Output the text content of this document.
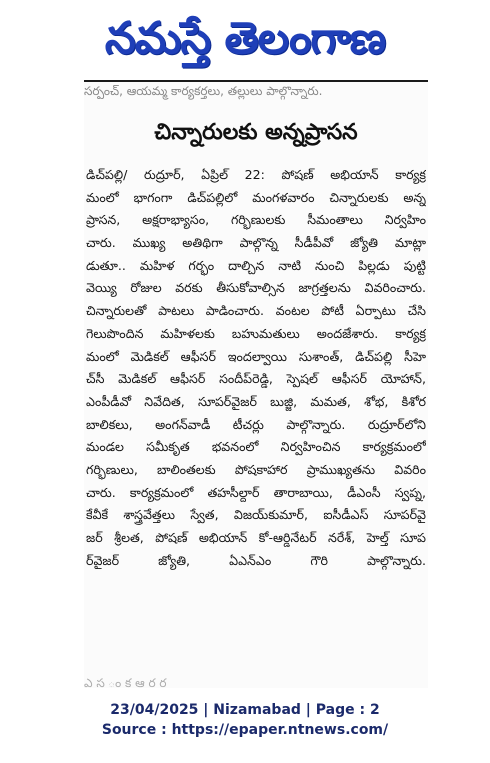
నమస్తే తెలంగాణ
సర్పంచ్, ఆయమ్మ కార్యకర్తలు, తల్లులు పాల్గొన్నారు.
చిన్నారులకు అన్నప్రాసన
డిచ్‌పల్లి/ రుద్రూర్, ఏప్రిల్ 22: పోషణ్ అభియాన్ కార్యక్ర
మంలో భాగంగా డిచ్‌పల్లిలో మంగళవారం చిన్నారులకు అన్న
ప్రాసన, అక్షరాభ్యాసం, గర్భిణులకు సీమంతాలు నిర్వహిం
చారు. ముఖ్య అతిథిగా పాల్గొన్న సీడీపీవో జ్యోతి మాట్లా
డుతూ.. మహిళ గర్భం దాల్చిన నాటి నుంచి పిల్లడు పుట్టి
వెయ్యి రోజుల వరకు తీసుకోవాల్సిన జాగ్రత్తలను వివరించారు.
చిన్నారులతో పాటలు పాడించారు. వంటల పోటీ ఏర్పాటు చేసి
గెలుపొందిన మహిళలకు బహుమతులు అందజేశారు. కార్యక్ర
మంలో మెడికల్ ఆఫీసర్ ఇందల్వాయి సుశాంత్, డిచ్‌పల్లి సీహె
చ్‌సీ మెడికల్ ఆఫీసర్ సందీప్‌రెడ్డి, స్పెషల్ ఆఫీసర్ యోహాన్,
ఎంపీడీవో నివేదిత, సూపర్‌వైజర్ బుజ్జి, మమత, శోభ, కిశోర
బాలికలు, అంగన్‌వాడీ టీచర్లు పాల్గొన్నారు. రుద్రూర్‌లోని
మండల సమీకృత భవనంలో నిర్వహించిన కార్యక్రమంలో
గర్భిణులు, బాలింతలకు పోషకాహార ప్రాముఖ్యతను వివరిం
చారు. కార్యక్రమంలో తహసీల్దార్ తారాబాయి, డీఎంసీ స్వప్న,
కేవీకే శాస్త్రవేత్తలు స్వేత, విజయ్‌కుమార్, ఐసీడీఎస్ సూపర్‌వై
జర్ శ్రీలత, పోషణ్ అభియాన్ కో-ఆర్డినేటర్ నరేశ్, హెల్త్ సూప
ర్‌వైజర్ జ్యోతి, ఏఎన్‌ఎం గౌరి పాల్గొన్నారు.
ఎ స ం క ఆ ర ర
23/04/2025 | Nizamabad | Page : 2
Source : https://epaper.ntnews.com/
